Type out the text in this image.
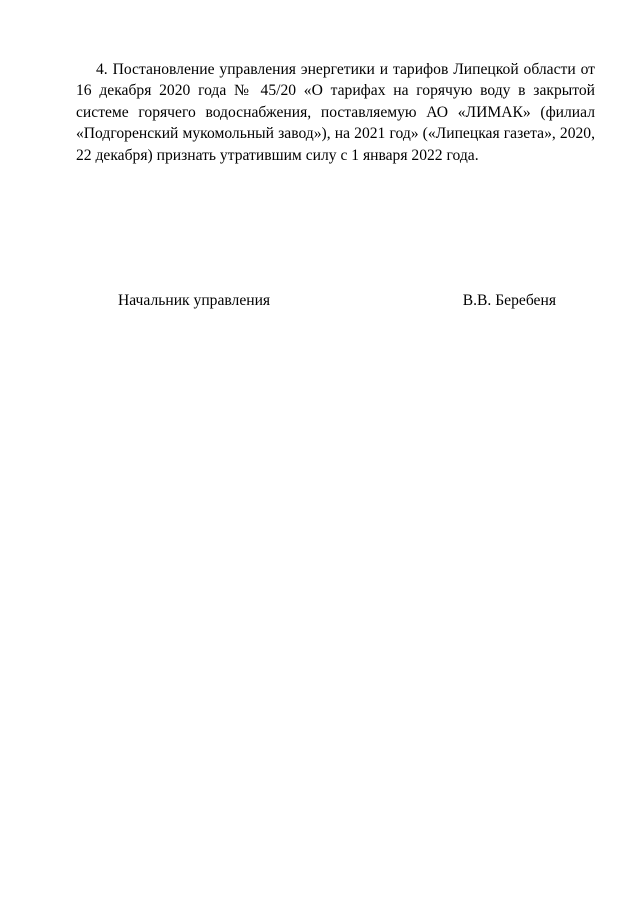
4. Постановление управления энергетики и тарифов Липецкой области от 16 декабря 2020 года № 45/20 «О тарифах на горячую воду в закрытой системе горячего водоснабжения, поставляемую АО «ЛИМАК» (филиал «Подгоренский мукомольный завод»), на 2021 год» («Липецкая газета», 2020, 22 декабря) признать утратившим силу с 1 января 2022 года.

Начальник управления	В.В. Беребеня
